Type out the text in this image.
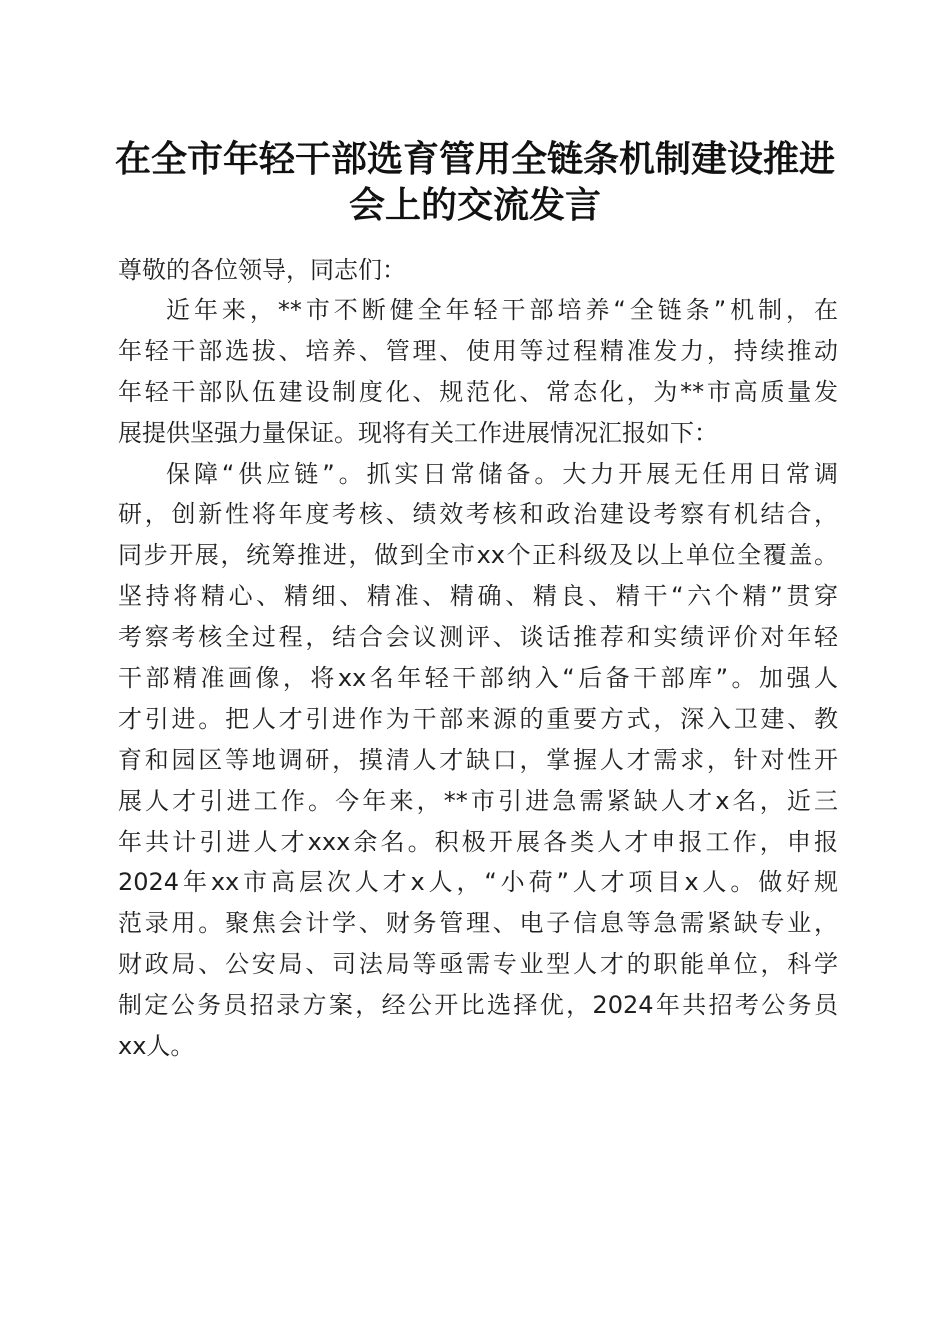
在全市年轻干部选育管用全链条机制建设推进
会上的交流发言

尊敬的各位领导，同志们：

近年来，**市不断健全年轻干部培养“全链条”机制，在

年轻干部选拔、培养、管理、使用等过程精准发力，持续推动

年轻干部队伍建设制度化、规范化、常态化，为**市高质量发

展提供坚强力量保证。现将有关工作进展情况汇报如下：

保障“供应链”。抓实日常储备。大力开展无任用日常调

研，创新性将年度考核、绩效考核和政治建设考察有机结合，

同步开展，统筹推进，做到全市xx个正科级及以上单位全覆盖。

坚持将精心、精细、精准、精确、精良、精干“六个精”贯穿

考察考核全过程，结合会议测评、谈话推荐和实绩评价对年轻

干部精准画像，将xx名年轻干部纳入“后备干部库”。加强人

才引进。把人才引进作为干部来源的重要方式，深入卫建、教

育和园区等地调研，摸清人才缺口，掌握人才需求，针对性开

展人才引进工作。今年来，**市引进急需紧缺人才x名，近三

年共计引进人才xxx余名。积极开展各类人才申报工作，申报

2024年xx市高层次人才x人，“小荷”人才项目x人。做好规

范录用。聚焦会计学、财务管理、电子信息等急需紧缺专业，

财政局、公安局、司法局等亟需专业型人才的职能单位，科学

制定公务员招录方案，经公开比选择优，2024年共招考公务员

xx人。
